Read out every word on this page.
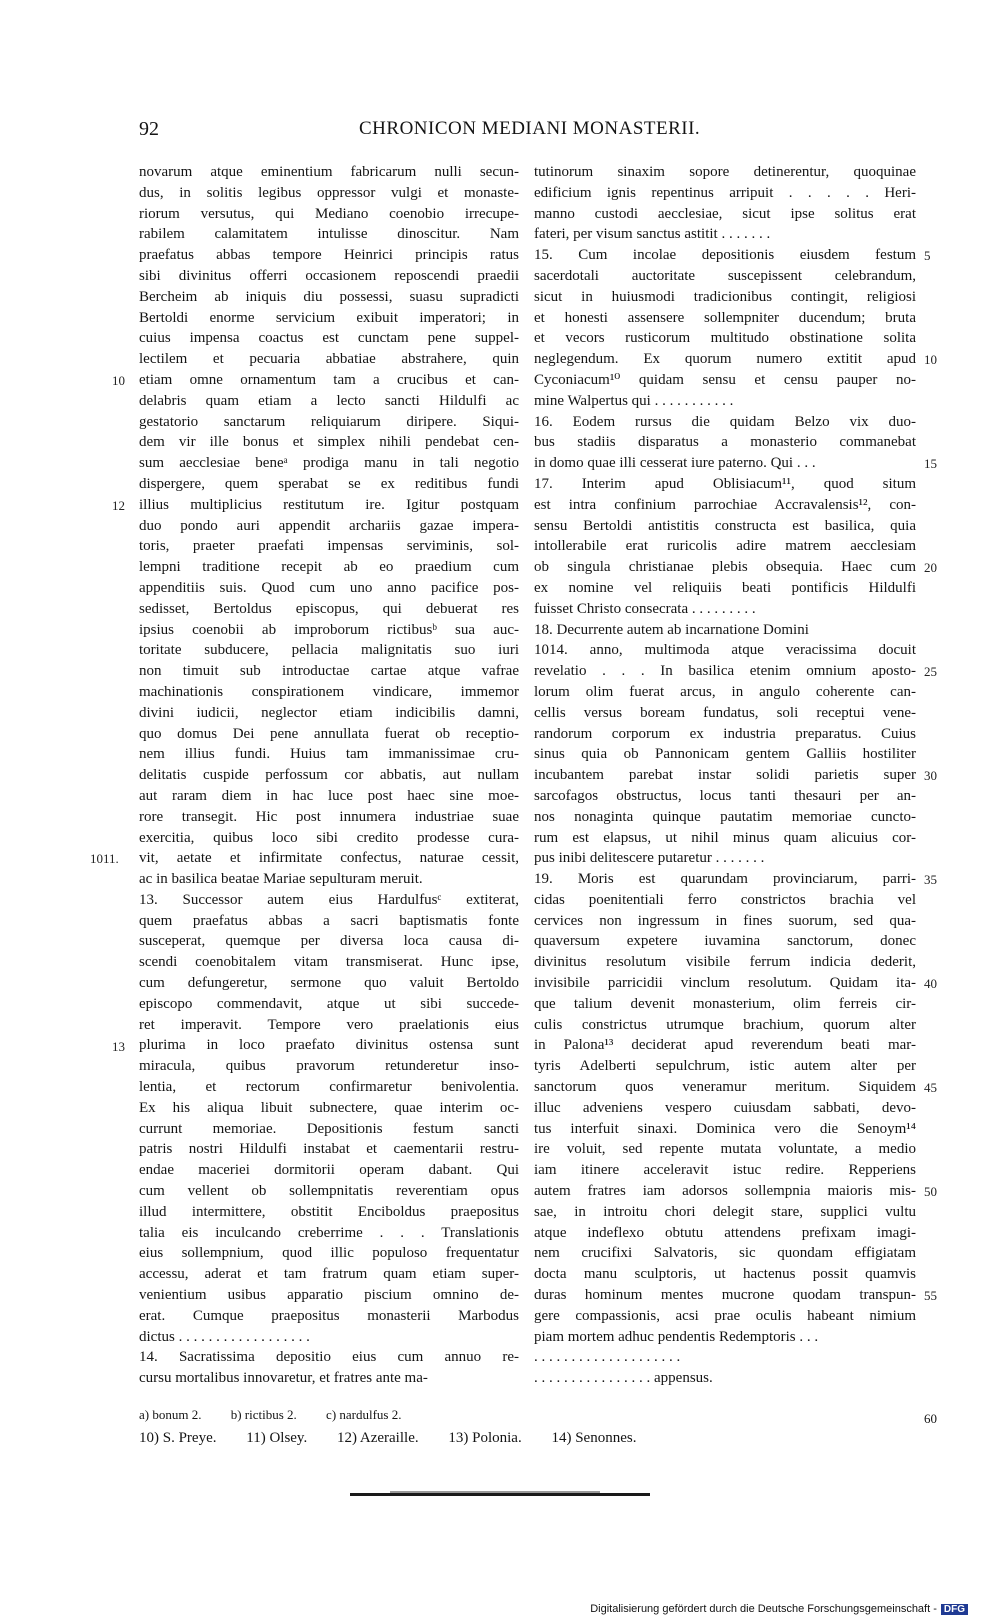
92	CHRONICON MEDIANI MONASTERII.
novarum atque eminentium fabricarum nulli secun-
dus, in solitis legibus oppressor vulgi et monaste-
riorum versutus, qui Mediano coenobio irrecupe-
rabilem calamitatem intulisse dinoscitur. Nam
praefatus abbas tempore Heinrici principis ratus
sibi divinitus offerri occasionem reposcendi praedii
Bercheim ab iniquis diu possessi, suasu supradicti
Bertoldi enorme servicium exibuit imperatori; in
cuius impensa coactus est cunctam pene suppel-
lectilem et pecuaria abbatiae abstrahere, quin
etiam omne ornamentum tam a crucibus et can-
delabris quam etiam a lecto sancti Hildulfi ac
gestatorio sanctarum reliquiarum diripere. Siqui-
dem vir ille bonus et simplex nihili pendebat cen-
sum aecclesiae beneᵃ prodiga manu in tali negotio
dispergere, quem sperabat se ex reditibus fundi
illius multiplicius restitutum ire. Igitur postquam
duo pondo auri appendit archariis gazae impera-
toris, praeter praefati impensas serviminis, sol-
lempni traditione recepit ab eo praedium cum
appenditiis suis. Quod cum uno anno pacifice pos-
sedisset, Bertoldus episcopus, qui debuerat res
ipsius coenobii ab improborum rictibusᵇ sua auc-
toritate subducere, pellacia malignitatis suo iuri
non timuit sub introductae cartae atque vafrae
machinationis conspirationem vindicare, immemor
divini iudicii, neglector etiam indicibilis damni,
quo domus Dei pene annullata fuerat ob receptio-
nem illius fundi. Huius tam immanissimae cru-
delitatis cuspide perfossum cor abbatis, aut nullam
aut raram diem in hac luce post haec sine moe-
rore transegit. Hic post innumera industriae suae
exercitia, quibus loco sibi credito prodesse cura-
vit, aetate et infirmitate confectus, naturae cessit,
ac in basilica beatae Mariae sepulturam meruit.
13. Successor autem eius Hardulfusᶜ extiterat,
quem praefatus abbas a sacri baptismatis fonte
susceperat, quemque per diversa loca causa di-
scendi coenobitalem vitam transmiserat. Hunc ipse,
cum defungeretur, sermone quo valuit Bertoldo
episcopo commendavit, atque ut sibi succede-
ret imperavit. Tempore vero praelationis eius
plurima in loco praefato divinitus ostensa sunt
miracula, quibus pravorum retunderetur inso-
lentia, et rectorum confirmaretur benivolentia.
Ex his aliqua libuit subnectere, quae interim oc-
currunt memoriae. Depositionis festum sancti
patris nostri Hildulfi instabat et caementarii restru-
endae maceriei dormitorii operam dabant. Qui
cum vellent ob sollempnitatis reverentiam opus
illud intermittere, obstitit Enciboldus praepositus
talia eis inculcando creberrime . . . Translationis
eius sollempnium, quod illic populoso frequentatur
accessu, aderat et tam fratrum quam etiam super-
venientium usibus apparatio piscium omnino de-
erat. Cumque praepositus monasterii Marbodus
dictus . . . . . . . . . . . . . . . . . .
14. Sacratissima depositio eius cum annuo re-
cursu mortalibus innovaretur, et fratres ante ma-
tutinorum sinaxim sopore detinerentur, quoquinae
edificium ignis repentinus arripuit . . . . . Heri-
manno custodi aecclesiae, sicut ipse solitus erat
fateri, per visum sanctus astitit . . . . . . .
15. Cum incolae depositionis eiusdem festum
sacerdotali auctoritate suscepissent celebrandum,
sicut in huiusmodi tradicionibus contingit, religiosi
et honesti assensere sollempniter ducendum; bruta
et vecors rusticorum multitudo obstinatione solita
neglegendum. Ex quorum numero extitit apud
Cyconiacum¹⁰ quidam sensu et censu pauper no-
mine Walpertus qui . . . . . . . . . . .
16. Eodem rursus die quidam Belzo vix duo-
bus stadiis disparatus a monasterio commanebat
in domo quae illi cesserat iure paterno. Qui . . .
17. Interim apud Oblisiacum¹¹, quod situm
est intra confinium parrochiae Accravalensis¹², con-
sensu Bertoldi antistitis constructa est basilica, quia
intollerabile erat ruricolis adire matrem aecclesiam
ob singula christianae plebis obsequia. Haec cum
ex nomine vel reliquiis beati pontificis Hildulfi
fuisset Christo consecrata . . . . . . . . .
18. Decurrente autem ab incarnatione Domini
1014. anno, multimoda atque veracissima docuit
revelatio . . . In basilica etenim omnium aposto-
lorum olim fuerat arcus, in angulo coherente can-
cellis versus boream fundatus, soli receptui vene-
randorum corporum ex industria preparatus. Cuius
sinus quia ob Pannonicam gentem Galliis hostiliter
incubantem parebat instar solidi parietis super
sarcofagos obstructus, locus tanti thesauri per an-
nos nonaginta quinque pautatim memoriae cuncto-
rum est elapsus, ut nihil minus quam alicuius cor-
pus inibi delitescere putaretur . . . . . . .
19. Moris est quarundam provinciarum, parri-
cidas poenitentiali ferro constrictos brachia vel
cervices non ingressum in fines suorum, sed qua-
quaversum expetere iuvamina sanctorum, donec
divinitus resolutum visibile ferrum indicia dederit,
invisibile parricidii vinclum resolutum. Quidam ita-
que talium devenit monasterium, olim ferreis cir-
culis constrictus utrumque brachium, quorum alter
in Palona¹³ deciderat apud reverendum beati mar-
tyris Adelberti sepulchrum, istic autem alter per
sanctorum quos veneramur meritum. Siquidem
illuc adveniens vespero cuiusdam sabbati, devo-
tus interfuit sinaxi. Dominica vero die Senoym¹⁴
ire voluit, sed repente mutata voluntate, a medio
iam itinere acceleravit istuc redire. Repperiens
autem fratres iam adorsos sollempnia maioris mis-
sae, in introitu chori delegit stare, supplici vultu
atque indeflexo obtutu attendens prefixam imagi-
nem crucifixi Salvatoris, sic quondam effigiatam
docta manu sculptoris, ut hactenus possit quamvis
duras hominum mentes mucrone quodam transpun-
gere compassionis, acsi prae oculis habeant nimium
piam mortem adhuc pendentis Redemptoris . . .
. . . . . . . . . . . . . . . . . . . .
. . . . . . . . . . . . . . . . appensus.
10
12
1011.
13
5
10
15
20
25
30
35
40
45
50
55
a) bonum 2. b) rictibus 2. c) nardulfus 2.	60
10) S. Preye. 11) Olsey. 12) Azeraille. 13) Polonia. 14) Senonnes.
Digitalisierung gefördert durch die Deutsche Forschungsgemeinschaft - DFG
